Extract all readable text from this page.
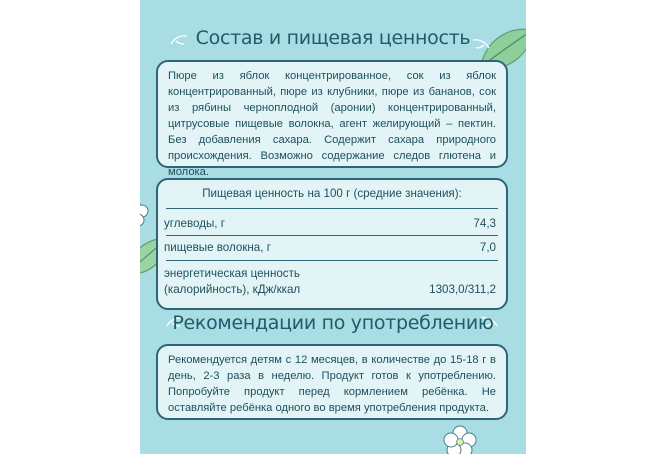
Состав и пищевая ценность
Пюре из яблок концентрированное, сок из яблок концентрированный, пюре из клубники, пюре из бананов, сок из рябины черноплодной (аронии) концентрированный, цитрусовые пищевые волокна, агент желирующий – пектин. Без добавления сахара. Содержит сахара природного происхождения. Возможно содержание следов глютена и молока.
Пищевая ценность на 100 г (средние значения):
углеводы, г	74,3
пищевые волокна, г	7,0
энергетическая ценность
(калорийность), кДж/ккал	1303,0/311,2
Рекомендации по употреблению
Рекомендуется детям с 12 месяцев, в количестве до 15-18 г в день, 2-3 раза в неделю. Продукт готов к употреблению. Попробуйте продукт перед кормлением ребёнка. Не оставляйте ребёнка одного во время употребления продукта.
